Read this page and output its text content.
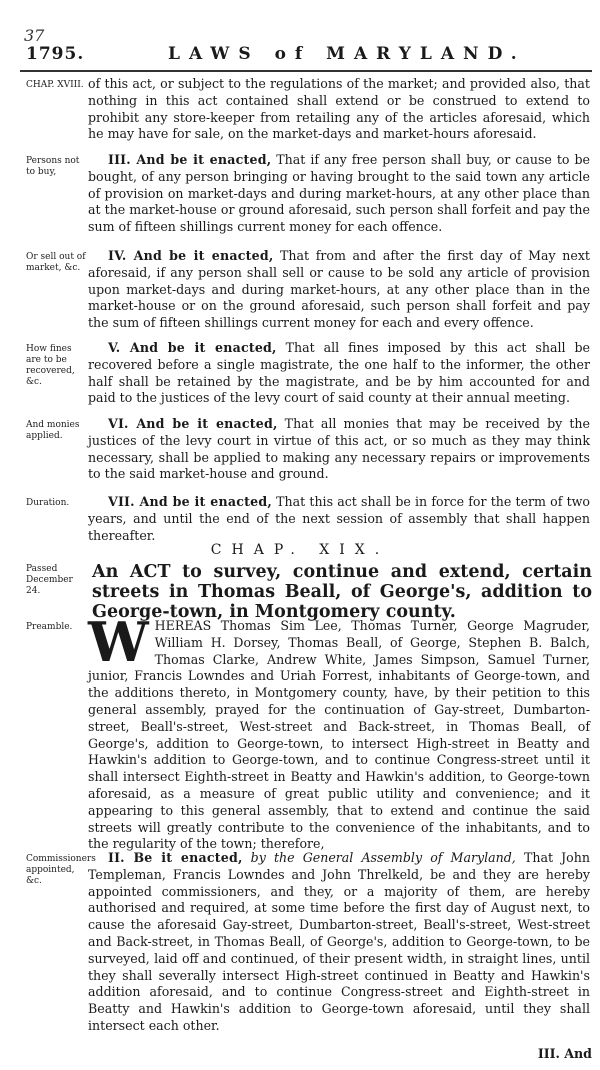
37
1795.	LAWS of MARYLAND.
CHAP. XVIII. of this act, or subject to the regulations of the market; and provided also, that nothing in this act contained shall extend or be construed to extend to prohibit any store-keeper from retailing any of the articles aforesaid, which he may have for sale, on the market-days and market-hours aforesaid.
Persons not to buy,
III. And be it enacted, That if any free person shall buy, or cause to be bought, of any person bringing or having brought to the said town any article of provision on market-days and during market-hours, at any other place than at the market-house or ground aforesaid, such person shall forfeit and pay the sum of fifteen shillings current money for each offence.
Or sell out of market, &c.
IV. And be it enacted, That from and after the first day of May next aforesaid, if any person shall sell or cause to be sold any article of provision upon market-days and during market-hours, at any other place than in the market-house or on the ground aforesaid, such person shall forfeit and pay the sum of fifteen shillings current money for each and every offence.
How fines are to be recovered, &c.
V. And be it enacted, That all fines imposed by this act shall be recovered before a single magistrate, the one half to the informer, the other half shall be retained by the magistrate, and be by him accounted for and paid to the justices of the levy court of said county at their annual meeting.
And monies applied.
VI. And be it enacted, That all monies that may be received by the justices of the levy court in virtue of this act, or so much as they may think necessary, shall be applied to making any necessary repairs or improvements to the said market-house and ground.
Duration.	VII. And be it enacted, That this act shall be in force for the term of two years, and until the end of the next session of assembly that shall happen thereafter.
CHAP. XIX.
Passed December 24.
An ACT to survey, continue and extend, certain streets in Thomas Beall, of George's, addition to George-town, in Montgomery county.
Preamble. WHEREAS Thomas Sim Lee, Thomas Turner, George Magruder, William H. Dorsey, Thomas Beall, of George, Stephen B. Balch, Thomas Clarke, Andrew White, James Simpson, Samuel Turner, junior, Francis Lowndes and Uriah Forrest, inhabitants of George-town, and the additions thereto, in Montgomery county, have, by their petition to this general assembly, prayed for the continuation of Gay-street, Dumbarton-street, Beall's-street, West-street and Back-street, in Thomas Beall, of George's, addition to George-town, to intersect High-street in Beatty and Hawkin's addition to George-town, and to continue Congress-street until it shall intersect Eighth-street in Beatty and Hawkin's addition, to George-town aforesaid, as a measure of great public utility and convenience; and it appearing to this general assembly, that to extend and continue the said streets will greatly contribute to the convenience of the inhabitants, and to the regularity of the town; therefore,
Commissioners appointed, &c.
II. Be it enacted, by the General Assembly of Maryland, That John Templeman, Francis Lowndes and John Threlkeld, be and they are hereby appointed commissioners, and they, or a majority of them, are hereby authorised and required, at some time before the first day of August next, to cause the aforesaid Gay-street, Dumbarton-street, Beall's-street, West-street and Back-street, in Thomas Beall, of George's, addition to George-town, to be surveyed, laid off and continued, of their present width, in straight lines, until they shall severally intersect High-street continued in Beatty and Hawkin's addition aforesaid, and to continue Congress-street and Eighth-street in Beatty and Hawkin's addition to George-town aforesaid, until they shall intersect each other.
III. And
